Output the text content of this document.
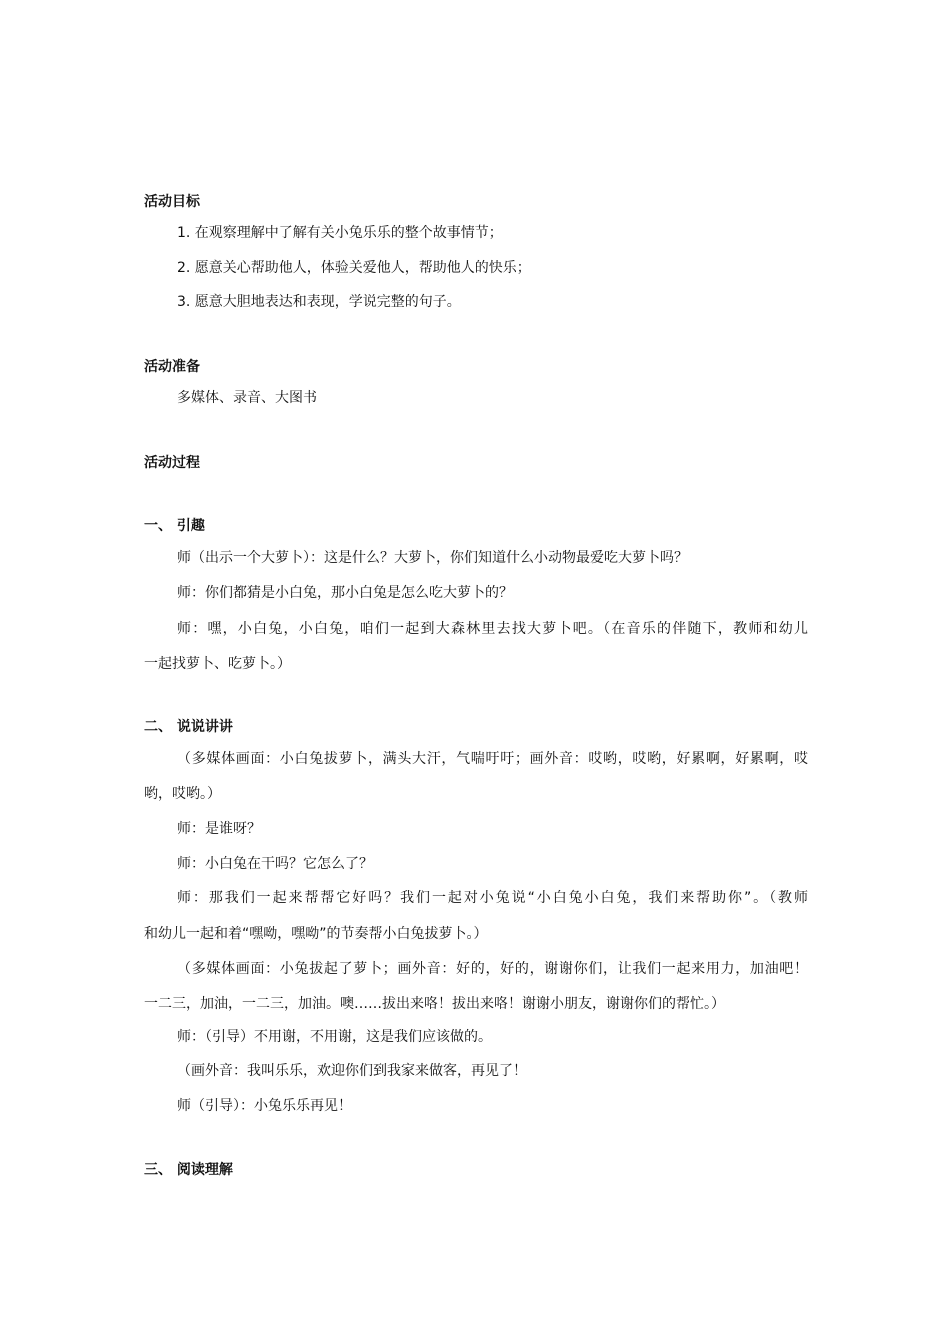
活动目标
1. 在观察理解中了解有关小兔乐乐的整个故事情节；
2. 愿意关心帮助他人，体验关爱他人，帮助他人的快乐；
3. 愿意大胆地表达和表现，学说完整的句子。
活动准备
多媒体、录音、大图书
活动过程
一、 引趣
师（出示一个大萝卜）：这是什么？大萝卜，你们知道什么小动物最爱吃大萝卜吗？
师：你们都猜是小白兔，那小白兔是怎么吃大萝卜的？
师：嘿，小白兔，小白兔，咱们一起到大森林里去找大萝卜吧。（在音乐的伴随下，教师和幼儿
一起找萝卜、吃萝卜。）
二、 说说讲讲
（多媒体画面：小白兔拔萝卜，满头大汗，气喘吁吁；画外音：哎哟，哎哟，好累啊，好累啊，哎
哟，哎哟。）
师：是谁呀？
师：小白兔在干吗？它怎么了？
师：那我们一起来帮帮它好吗？我们一起对小兔说“小白兔小白兔，我们来帮助你”。（教师
和幼儿一起和着“嘿呦，嘿呦”的节奏帮小白兔拔萝卜。）
（多媒体画面：小兔拔起了萝卜；画外音：好的，好的，谢谢你们，让我们一起来用力，加油吧！
一二三，加油，一二三，加油。噢……拔出来咯！拔出来咯！谢谢小朋友，谢谢你们的帮忙。）
师：（引导）不用谢，不用谢，这是我们应该做的。
（画外音：我叫乐乐，欢迎你们到我家来做客，再见了！
师（引导）：小兔乐乐再见！
三、 阅读理解
